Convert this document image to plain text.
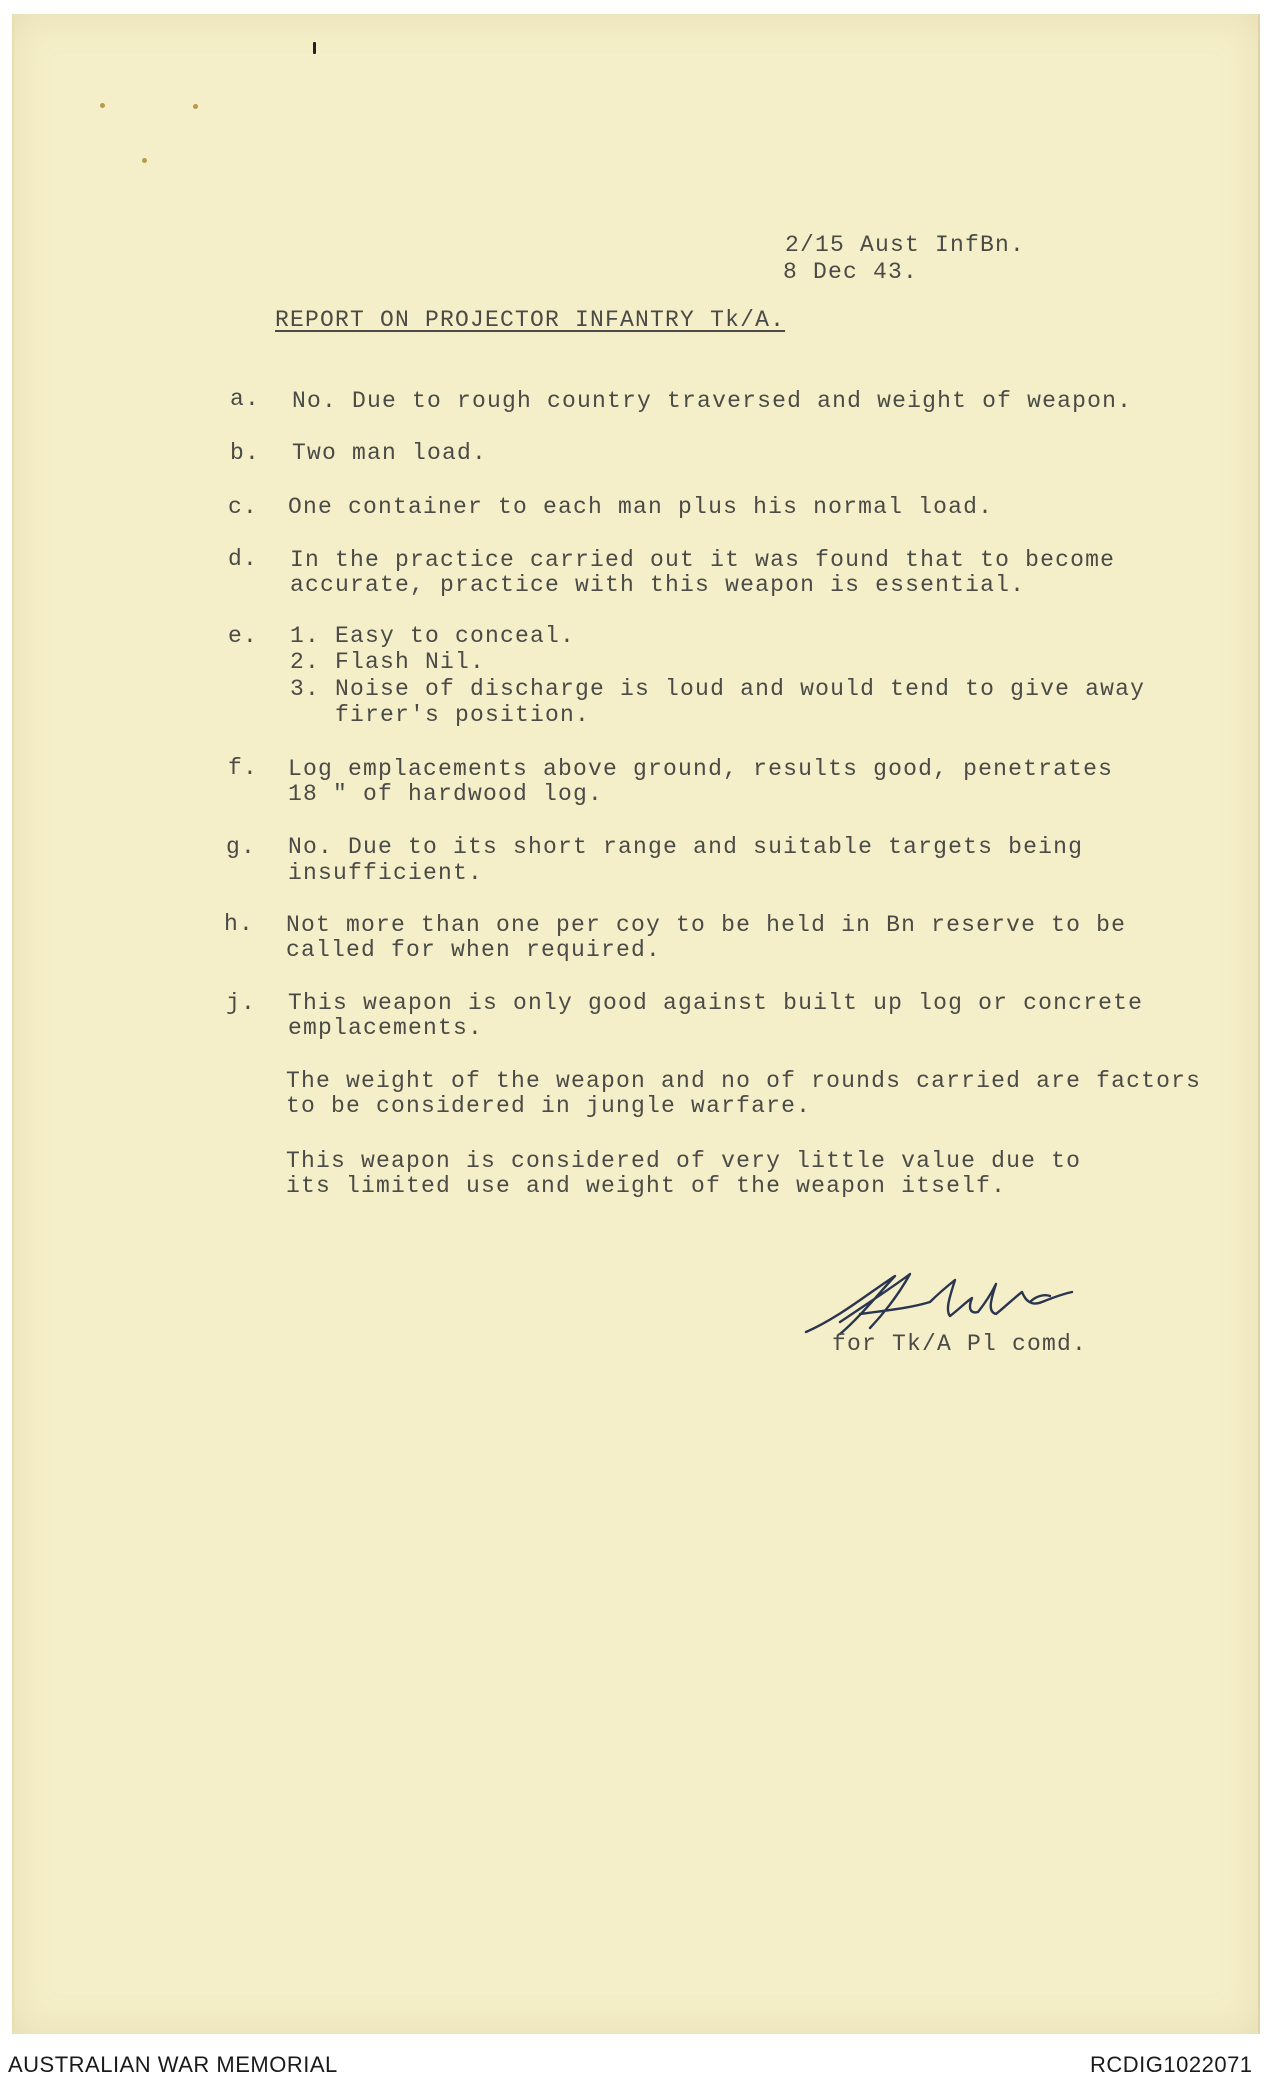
2/15 Aust InfBn.
8 Dec 43.
REPORT ON PROJECTOR INFANTRY Tk/A.
a.	No. Due to rough country traversed and weight of weapon.
b.	Two man load.
c.	One container to each man plus his normal load.
d.	In the practice carried out it was found that to become
accurate, practice with this weapon is essential.
e.	1. Easy to conceal.
2. Flash Nil.
3. Noise of discharge is loud and would tend to give away
firer's position.
f.	Log emplacements above ground, results good, penetrates
18 " of hardwood log.
g.	No. Due to its short range and suitable targets being
insufficient.
h.	Not more than one per coy to be held in Bn reserve to be
called for when required.
j.	This weapon is only good against built up log or concrete
emplacements.
The weight of the weapon and no of rounds carried are factors
to be considered in jungle warfare.
This weapon is considered of very little value due to
its limited use and weight of the weapon itself.
for Tk/A Pl comd.
AUSTRALIAN WAR MEMORIAL	RCDIG1022071
